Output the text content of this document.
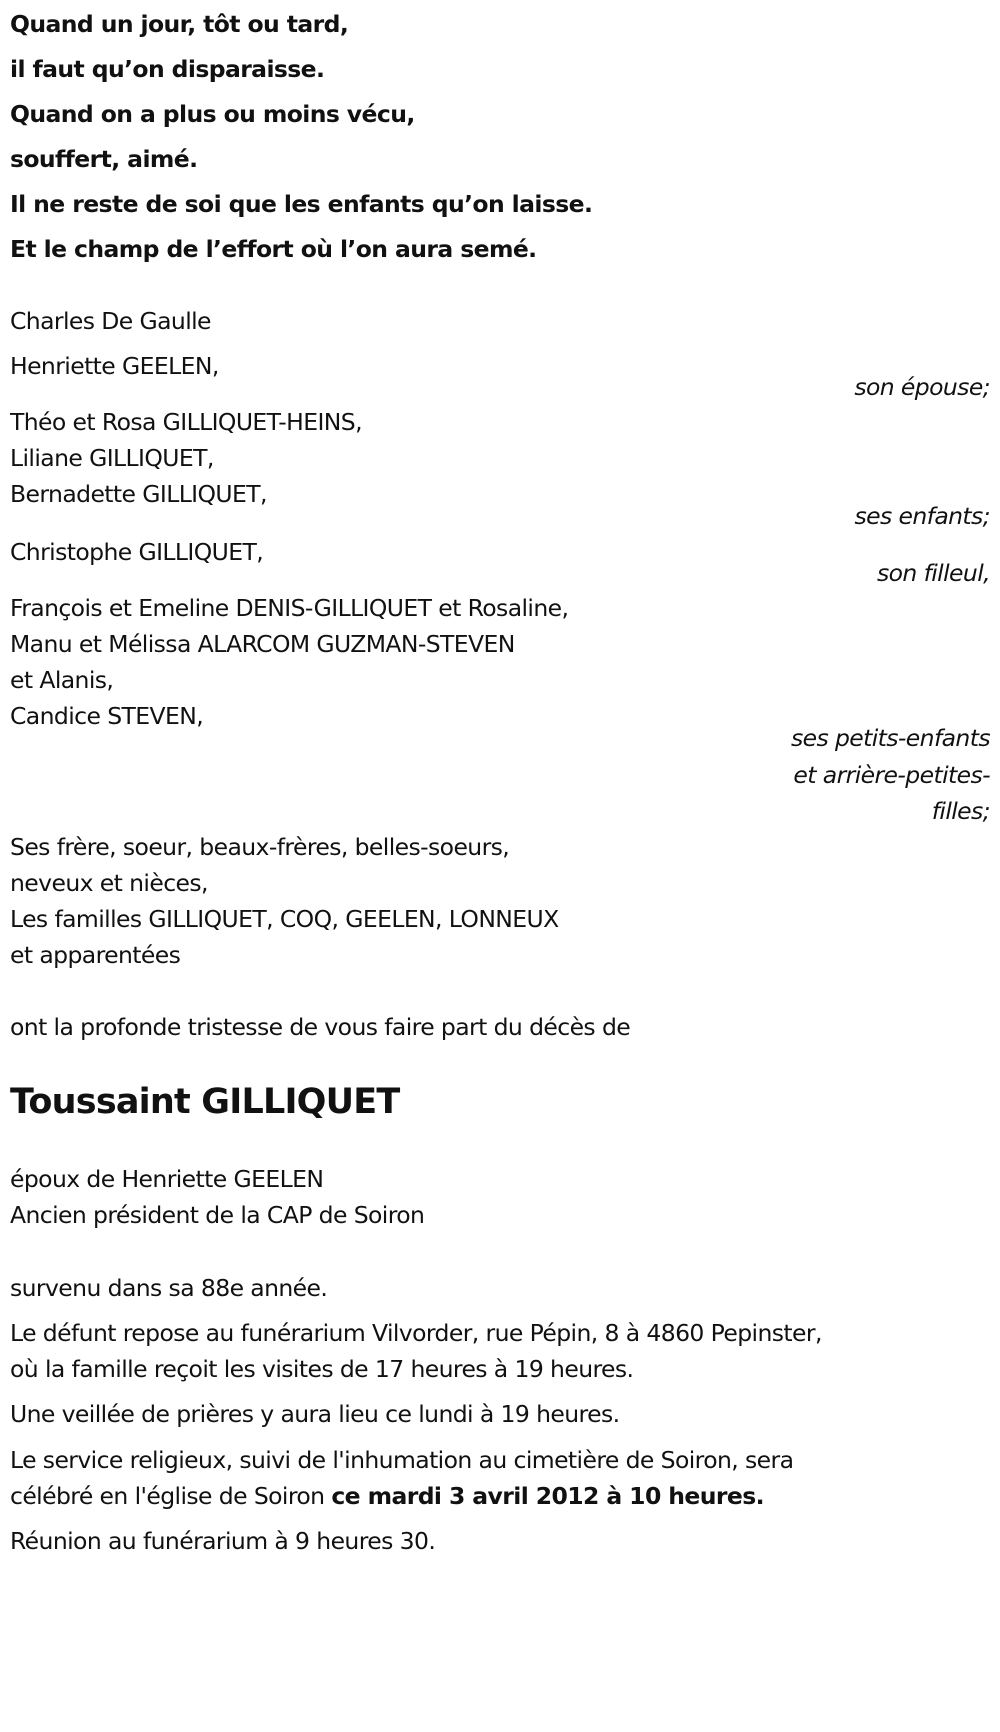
Quand un jour, tôt ou tard,
il faut qu’on disparaisse.
Quand on a plus ou moins vécu,
souffert, aimé.
Il ne reste de soi que les enfants qu’on laisse.
Et le champ de l’effort où l’on aura semé.
Charles De Gaulle
Henriette GEELEN,
son épouse;
Théo et Rosa GILLIQUET-HEINS,
Liliane GILLIQUET,
Bernadette GILLIQUET,
ses enfants;
Christophe GILLIQUET,
son filleul,
François et Emeline DENIS-GILLIQUET et Rosaline,
Manu et Mélissa ALARCOM GUZMAN-STEVEN
et Alanis,
Candice STEVEN,
ses petits-enfants
et arrière-petites-
filles;
Ses frère, soeur, beaux-frères, belles-soeurs,
neveux et nièces,
Les familles GILLIQUET, COQ, GEELEN, LONNEUX
et apparentées
ont la profonde tristesse de vous faire part du décès de
Toussaint GILLIQUET
époux de Henriette GEELEN
Ancien président de la CAP de Soiron
survenu dans sa 88e année.
Le défunt repose au funérarium Vilvorder, rue Pépin, 8 à 4860 Pepinster,
où la famille reçoit les visites de 17 heures à 19 heures.
Une veillée de prières y aura lieu ce lundi à 19 heures.
Le service religieux, suivi de l'inhumation au cimetière de Soiron, sera
célébré en l'église de Soiron ce mardi 3 avril 2012 à 10 heures.
Réunion au funérarium à 9 heures 30.
